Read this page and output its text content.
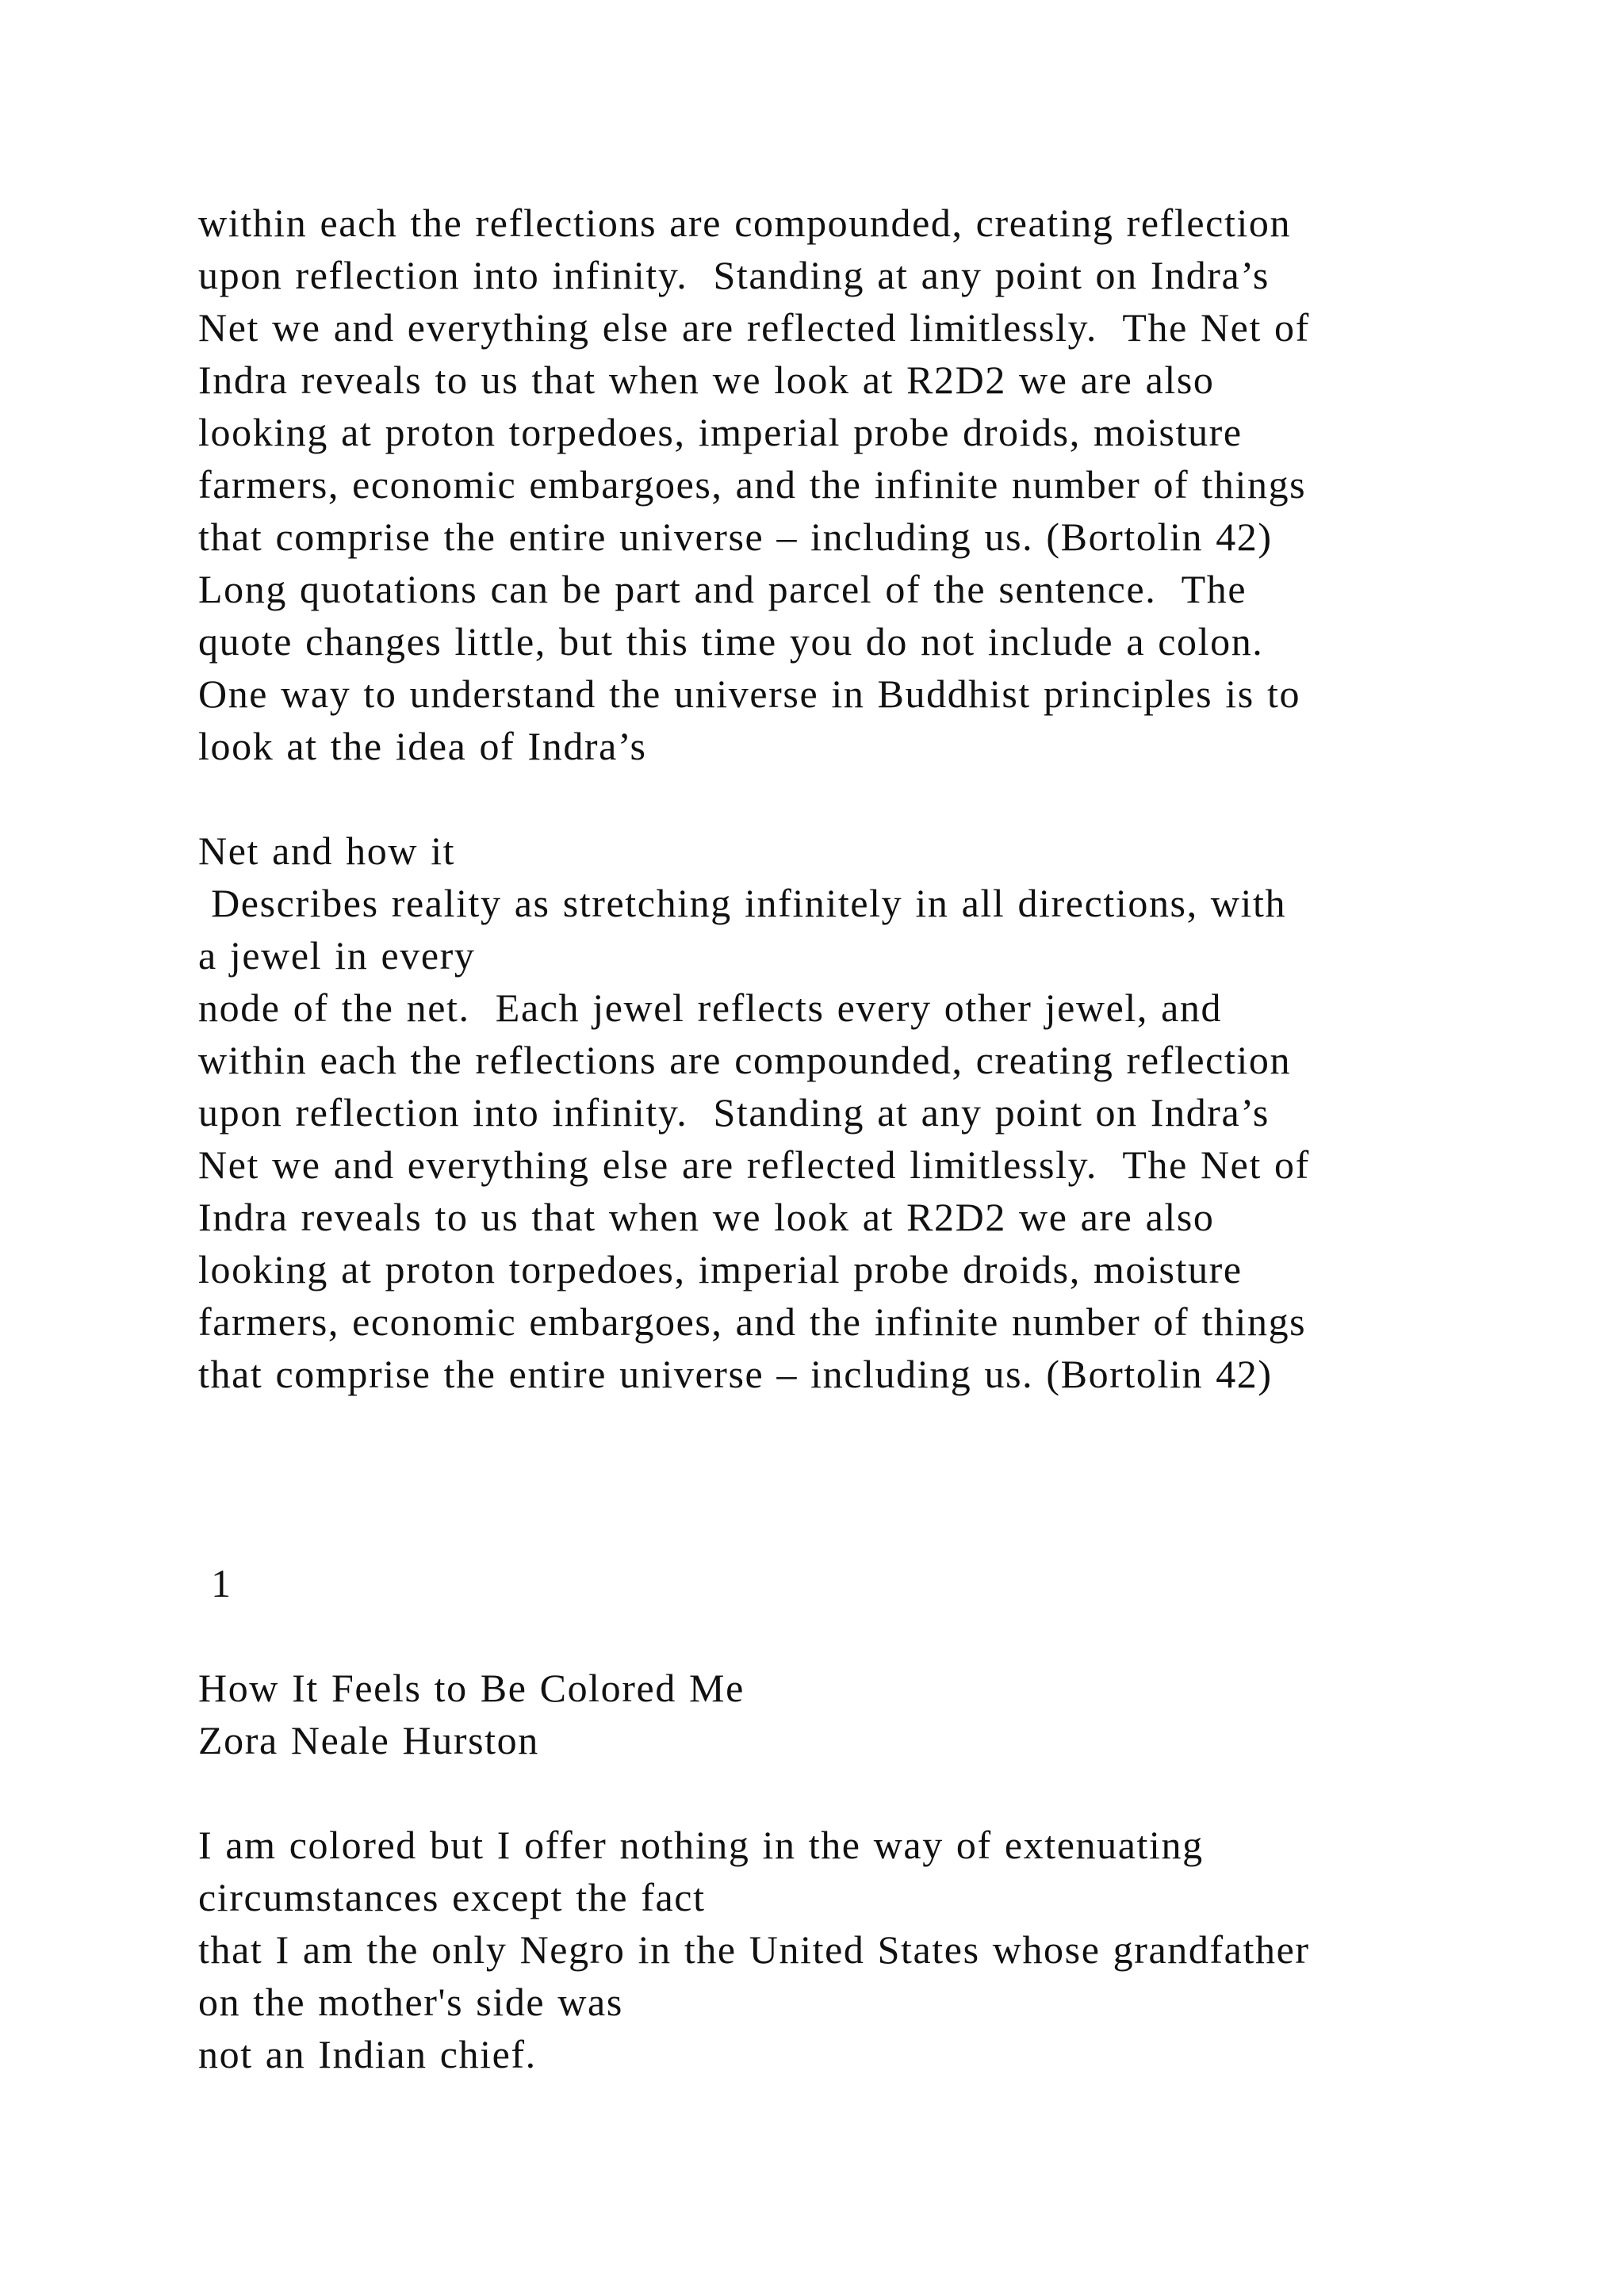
within each the reflections are compounded, creating reflection
upon reflection into infinity.  Standing at any point on Indra’s
Net we and everything else are reflected limitlessly.  The Net of
Indra reveals to us that when we look at R2D2 we are also
looking at proton torpedoes, imperial probe droids, moisture
farmers, economic embargoes, and the infinite number of things
that comprise the entire universe – including us. (Bortolin 42)
Long quotations can be part and parcel of the sentence.  The
quote changes little, but this time you do not include a colon.
One way to understand the universe in Buddhist principles is to
look at the idea of Indra’s
Net and how it
Describes reality as stretching infinitely in all directions, with
a jewel in every
node of the net.  Each jewel reflects every other jewel, and
within each the reflections are compounded, creating reflection
upon reflection into infinity.  Standing at any point on Indra’s
Net we and everything else are reflected limitlessly.  The Net of
Indra reveals to us that when we look at R2D2 we are also
looking at proton torpedoes, imperial probe droids, moisture
farmers, economic embargoes, and the infinite number of things
that comprise the entire universe – including us. (Bortolin 42)
1
How It Feels to Be Colored Me
Zora Neale Hurston
I am colored but I offer nothing in the way of extenuating
circumstances except the fact
that I am the only Negro in the United States whose grandfather
on the mother's side was
not an Indian chief.
